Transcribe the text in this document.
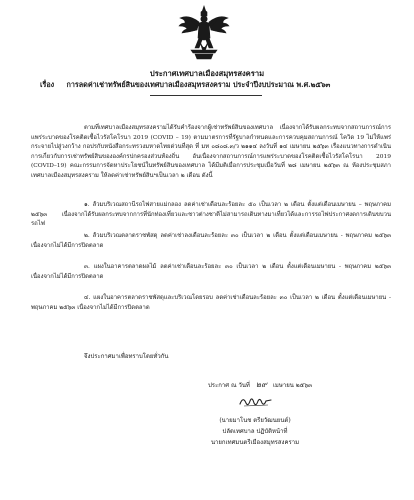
ประกาศเทศบาลเมืองสมุทรสงคราม
เรื่อง การลดค่าเช่าทรัพย์สินของเทศบาลเมืองสมุทรสงคราม ประจำปีงบประมาณ พ.ศ.๒๕๖๓
ตามที่เทศบาลเมืองสมุทรสงครามได้รับคำร้องจากผู้เช่าทรัพย์สินของเทศบาล เนื่องจากได้รับผลกระทบจากสถานการณ์การแพร่ระบาดของโรคติดเชื้อไวรัสโคโรนา 2019 (COVID – 19) ตามมาตรการที่รัฐบาลกำหนดและการควบคุมสถานการณ์ โควิด 19 ไม่ให้แพร่กระจายไปสู่วงกว้าง กอปรกับหนังสือกระทรวงมหาดไทยด่วนที่สุด ที่ มท ๐๘๐๘.๓/ว ๒๑๑๔ ลงวันที่ ๑๔ เมษายน ๒๕๖๓ เรื่องแนวทางการดำเนินการเกี่ยวกับการเช่าทรัพย์สินขององค์กรปกครองส่วนท้องถิ่น อันเนื่องจากสถานการณ์การแพร่ระบาดของโรคติดเชื้อไวรัสโคโรนา 2019 (COVID–19) คณะกรรมการจัดหาประโยชน์ในทรัพย์สินของเทศบาล ได้มีมติเมื่อการประชุมเมื่อวันที่ ๒๘ เมษายน ๒๕๖๓ ณ ห้องประชุมสภาเทศบาลเมืองสมุทรสงคราม ให้ลดค่าเช่าทรัพย์สินฯเป็นเวลา ๒ เดือน ดังนี้
๑. ส้วมบริเวณสถานีรถไฟสายแม่กลอง ลดค่าเช่าเดือนละร้อยละ ๕๐ เป็นเวลา ๒ เดือน ตั้งแต่เดือนเมษายน – พฤษภาคม ๒๕๖๓ เนื่องจากได้รับผลกระทบจากการที่นักท่องเที่ยวและชาวต่างชาติไม่สามารถเดินทางมาเที่ยวได้และการรถไฟประกาศงดการเดินขบวนรถไฟ
๒. ส้วมบริเวณตลาดราชพัสดุ ลดค่าเช่าลงเดือนละร้อยละ ๓๐ เป็นเวลา ๒ เดือน ตั้งแต่เดือนเมษายน - พฤษภาคม ๒๕๖๓ เนื่องจากไม่ได้มีการปิดตลาด
๓. แผงในอาคารตลาดผลไม้ ลดค่าเช่าเดือนละร้อยละ ๓๐ เป็นเวลา ๒ เดือน ตั้งแต่เดือนเมษายน - พฤษภาคม ๒๕๖๓ เนื่องจากไม่ได้มีการปิดตลาด
๔. แผงในอาคารตลาดราชพัสดุและบริเวณโดยรอบ ลดค่าเช่าเดือนละร้อยละ ๓๐ เป็นเวลา ๒ เดือน ตั้งแต่เดือนเมษายน - พฤษภาคม ๒๕๖๓ เนื่องจากไม่ได้มีการปิดตลาด
จึงประกาศมาเพื่อทราบโดยทั่วกัน
ประกาศ ณ วันที่ ๒๙ เมษายน ๒๕๖๓
(นายมาโนช ตรียวัฒนยนต์)
ปลัดเทศบาล ปฏิบัติหน้าที่
นายกเทศมนตรีเมืองสมุทรสงคราม
